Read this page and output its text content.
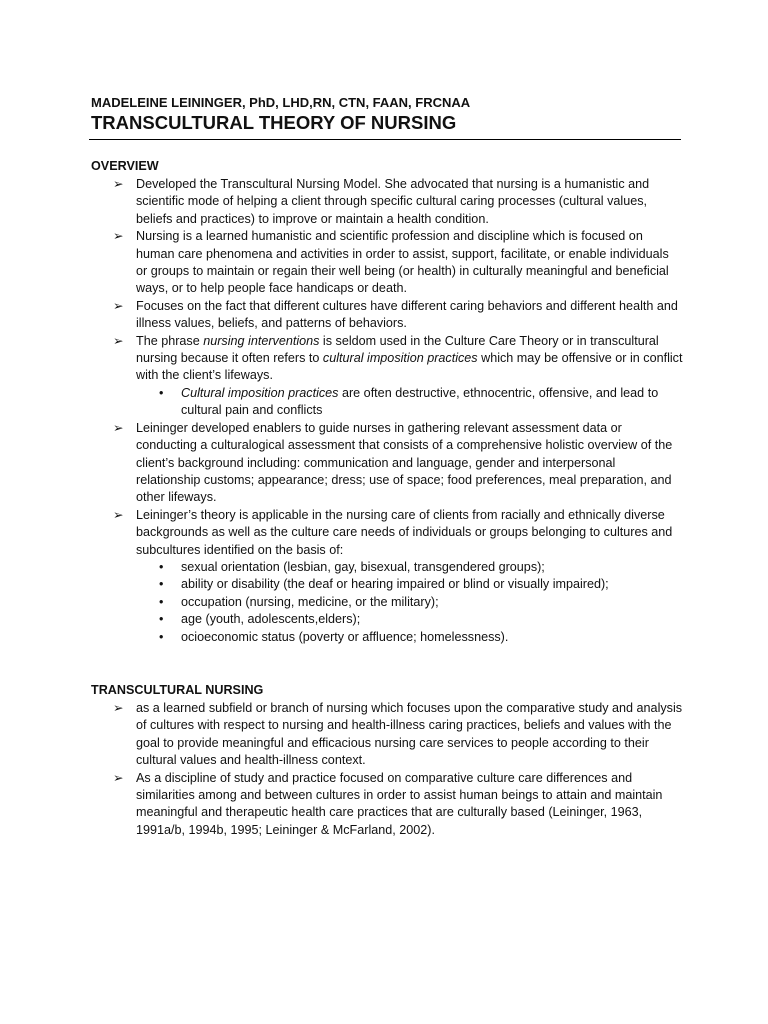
MADELEINE LEININGER, PhD, LHD,RN, CTN, FAAN, FRCNAA
TRANSCULTURAL THEORY OF NURSING
OVERVIEW
➢ Developed the Transcultural Nursing Model. She advocated that nursing is a humanistic and scientific mode of helping a client through specific cultural caring processes (cultural values, beliefs and practices) to improve or maintain a health condition.
➢ Nursing is a learned humanistic and scientific profession and discipline which is focused on human care phenomena and activities in order to assist, support, facilitate, or enable individuals or groups to maintain or regain their well being (or health) in culturally meaningful and beneficial ways, or to help people face handicaps or death.
➢ Focuses on the fact that different cultures have different caring behaviors and different health and illness values, beliefs, and patterns of behaviors.
➢ The phrase nursing interventions is seldom used in the Culture Care Theory or in transcultural nursing because it often refers to cultural imposition practices which may be offensive or in conflict with the client’s lifeways.
• Cultural imposition practices are often destructive, ethnocentric, offensive, and lead to cultural pain and conflicts
➢ Leininger developed enablers to guide nurses in gathering relevant assessment data or conducting a culturalogical assessment that consists of a comprehensive holistic overview of the client’s background including: communication and language, gender and interpersonal relationship customs; appearance; dress; use of space; food preferences, meal preparation, and other lifeways.
➢ Leininger’s theory is applicable in the nursing care of clients from racially and ethnically diverse backgrounds as well as the culture care needs of individuals or groups belonging to cultures and subcultures identified on the basis of:
• sexual orientation (lesbian, gay, bisexual, transgendered groups);
• ability or disability (the deaf or hearing impaired or blind or visually impaired);
• occupation (nursing, medicine, or the military);
• age (youth, adolescents,elders);
• ocioeconomic status (poverty or affluence; homelessness).
TRANSCULTURAL NURSING
➢ as a learned subfield or branch of nursing which focuses upon the comparative study and analysis of cultures with respect to nursing and health-illness caring practices, beliefs and values with the goal to provide meaningful and efficacious nursing care services to people according to their cultural values and health-illness context.
➢ As a discipline of study and practice focused on comparative culture care differences and similarities among and between cultures in order to assist human beings to attain and maintain meaningful and therapeutic health care practices that are culturally based (Leininger, 1963, 1991a/b, 1994b, 1995; Leininger & McFarland, 2002).
